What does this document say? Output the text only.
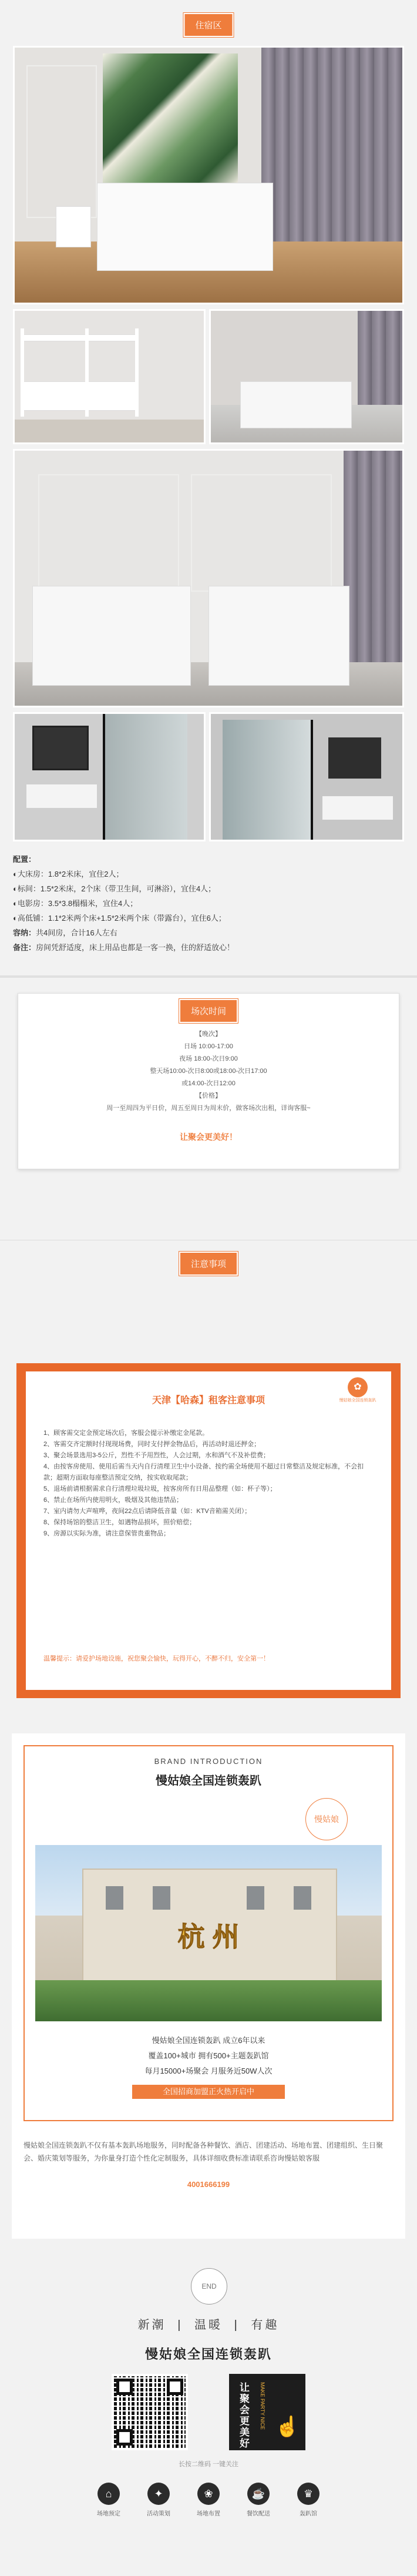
住宿区
配置：
◐大床房：1.8*2米床，宜住2人；
◐标间：1.5*2米床，2个床（带卫生间，可淋浴），宜住4人；
◐电影房：3.5*3.8榻榻米，宜住4人；
◐高低铺：1.1*2米两个床+1.5*2米两个床（带露台），宜住6人；
容纳：共4间房，合计16人左右
备注：房间凭舒适度，床上用品也都是一客一换，住的舒适放心！
场次时间
【晚次】
日场 10:00-17:00
夜场 18:00-次日9:00
整天场10:00-次日8:00或18:00-次日17:00
或14:00-次日12:00
【价格】
周一至周四为平日价，周五至周日为周末价，做客场次出租，详询客服~
让聚会更美好！
注意事项
✿
慢姑娘全国连锁轰趴
天津【哈森】租客注意事项

1、顾客需交定金预定场次后，客服会提示补缴定金尾款。

2、客需交齐定额时付现现场费，同时支付押金物品后，再活动时退还押金；

3、聚会场景选用3-5公斤，烈性不予用烈性，人会过期，水和酒气不及补偿费；

4、由按客房使用、使用后需当天内自行清理卫生中小设备、按约需全场使用不超过日常整洁及规定标准，不会扣款；超期方面取每座整洁预定交纳，按实收取尾款；

5、退场前请根据需求自行清理垃圾垃圾，按客房所有日用品整理（如：杯子等）；

6、禁止在场所内使用明火，吸烟及其他违禁品；

7、室内请勿大声喧哗，夜间22点后请降低音量（如：KTV音箱需关闭）；

8、保持场馆的整洁卫生，如遇物品损坏，照价赔偿；

9、房源以实际为准，请注意保管贵重物品；

温馨提示：请爱护场地设施，祝您聚会愉快，玩得开心，不醉不归，安全第一！
BRAND INTRODUCTION
慢姑娘全国连锁轰趴
慢姑娘
杭 州
慢姑娘全国连锁轰趴 成立6年以来
覆盖100+城市 拥有500+主题轰趴馆
每月15000+场聚会 月服务近50W人次
全国招商加盟正火热开启中
慢姑娘全国连锁轰趴不仅有基本轰趴场地服务，同时配备各种餐饮、酒店、团建活动、场地布置、团建组织、生日聚会、婚庆策划等服务，为你量身打造个性化定制服务，具体详细收费标准请联系咨询慢姑娘客服
4001666199
END
新潮 | 温暖 | 有趣
慢姑娘全国连锁轰趴
让聚会更美好
MAKE PARTY NICE ☝
长按二维码 一键关注
⌂
场地预定
✦
活动策划
❀
场地布置
☕
餐饮配送
♛
轰趴馆
